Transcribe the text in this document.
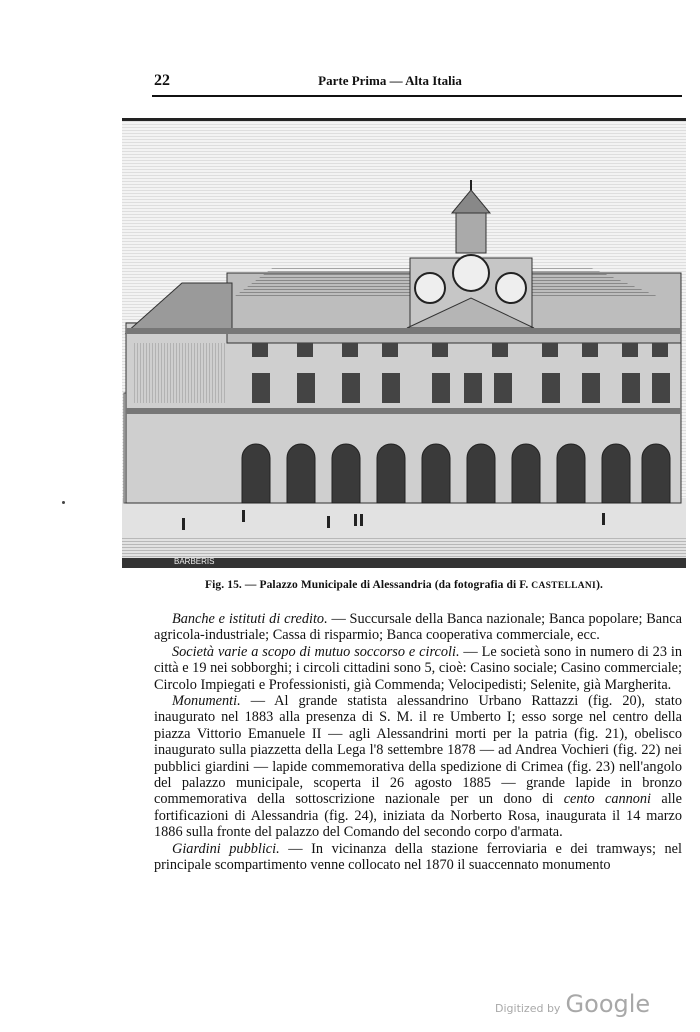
22	Parte Prima — Alta Italia
BARBERIS
Fig. 15. — Palazzo Municipale di Alessandria (da fotografia di F. CASTELLANI).

Banche e istituti di credito. — Succursale della Banca nazionale; Banca popolare; Banca agricola-industriale; Cassa di risparmio; Banca cooperativa commerciale, ecc.

Società varie a scopo di mutuo soccorso e circoli. — Le società sono in numero di 23 in città e 19 nei sobborghi; i circoli cittadini sono 5, cioè: Casino sociale; Casino commerciale; Circolo Impiegati e Professionisti, già Commenda; Velocipedisti; Selenite, già Margherita.

Monumenti. — Al grande statista alessandrino Urbano Rattazzi (fig. 20), stato inaugurato nel 1883 alla presenza di S. M. il re Umberto I; esso sorge nel centro della piazza Vittorio Emanuele II — agli Alessandrini morti per la patria (fig. 21), obelisco inaugurato sulla piazzetta della Lega l'8 settembre 1878 — ad Andrea Vochieri (fig. 22) nei pubblici giardini — lapide commemorativa della spedizione di Crimea (fig. 23) nell'angolo del palazzo municipale, scoperta il 26 agosto 1885 — grande lapide in bronzo commemorativa della sottoscrizione nazionale per un dono di cento cannoni alle fortificazioni di Alessandria (fig. 24), iniziata da Norberto Rosa, inaugurata il 14 marzo 1886 sulla fronte del palazzo del Comando del secondo corpo d'armata.

Giardini pubblici. — In vicinanza della stazione ferroviaria e dei tramways; nel principale scompartimento venne collocato nel 1870 il suaccennato monumento

Digitized by Google
